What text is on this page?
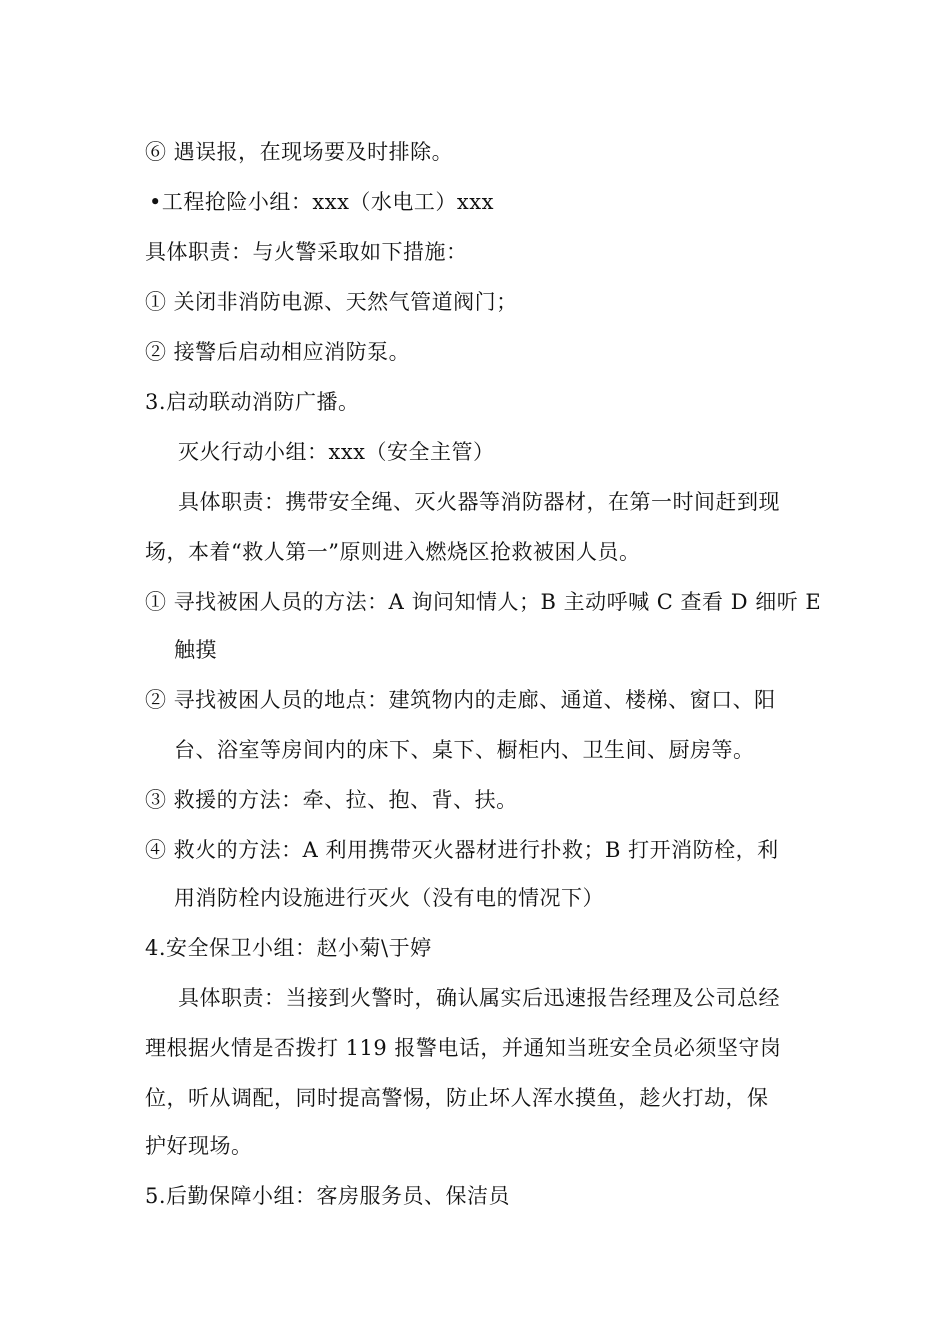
⑥ 遇误报，在现场要及时排除。
•工程抢险小组：xxx（水电工）xxx
具体职责：与火警采取如下措施：
① 关闭非消防电源、天然气管道阀门；
② 接警后启动相应消防泵。
3.启动联动消防广播。
灭火行动小组：xxx（安全主管）
具体职责：携带安全绳、灭火器等消防器材，在第一时间赶到现
场，本着“救人第一”原则进入燃烧区抢救被困人员。
① 寻找被困人员的方法：A 询问知情人；B 主动呼喊 C 查看 D 细听 E
触摸
② 寻找被困人员的地点：建筑物内的走廊、通道、楼梯、窗口、阳
台、浴室等房间内的床下、桌下、橱柜内、卫生间、厨房等。
③ 救援的方法：牵、拉、抱、背、扶。
④ 救火的方法：A 利用携带灭火器材进行扑救；B 打开消防栓，利
用消防栓内设施进行灭火（没有电的情况下）
4.安全保卫小组：赵小菊\于婷
具体职责：当接到火警时，确认属实后迅速报告经理及公司总经
理根据火情是否拨打 119 报警电话，并通知当班安全员必须坚守岗
位，听从调配，同时提高警惕，防止坏人浑水摸鱼，趁火打劫，保
护好现场。
5.后勤保障小组：客房服务员、保洁员
